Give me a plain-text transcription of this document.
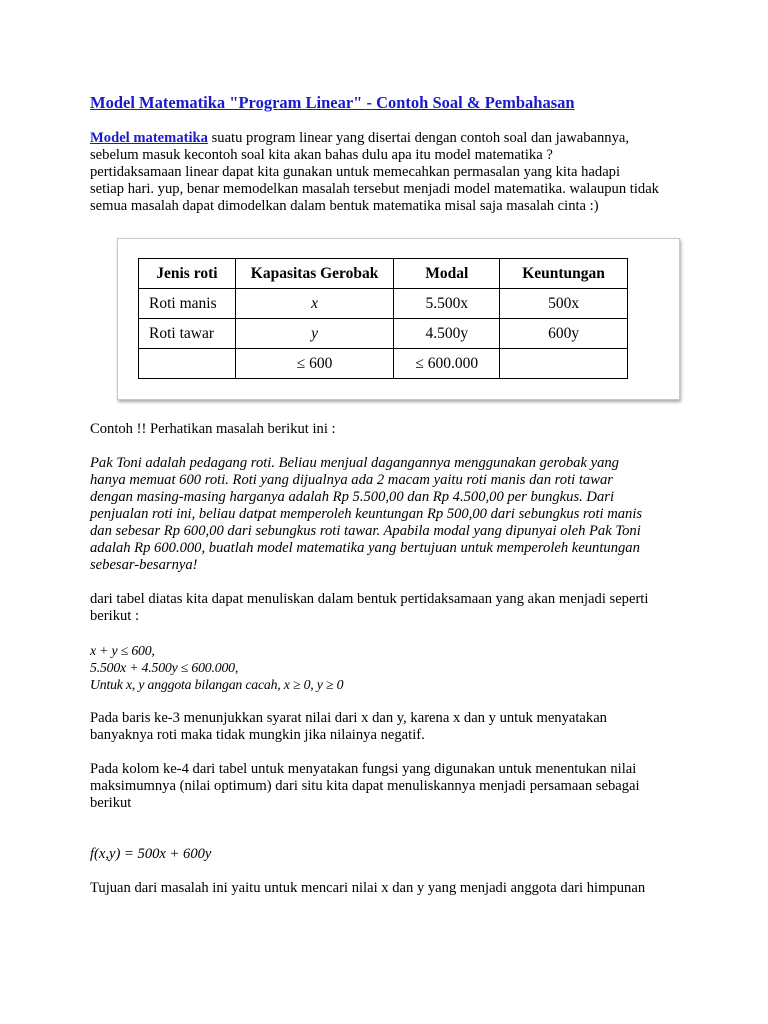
Model Matematika "Program Linear" - Contoh Soal & Pembahasan
Model matematika suatu program linear yang disertai dengan contoh soal dan jawabannya,
sebelum masuk kecontoh soal kita akan bahas dulu apa itu model matematika ?
pertidaksamaan linear dapat kita gunakan untuk memecahkan permasalan yang kita hadapi
setiap hari. yup, benar memodelkan masalah tersebut menjadi model matematika. walaupun tidak
semua masalah dapat dimodelkan dalam bentuk matematika misal saja masalah cinta :)
Jenis roti	Kapasitas Gerobak	Modal	Keuntungan
Roti manis	x	5.500x	500x
Roti tawar	y	4.500y	600y
	≤ 600	≤ 600.000	
Contoh !! Perhatikan masalah berikut ini :
Pak Toni adalah pedagang roti. Beliau menjual dagangannya menggunakan gerobak yang
hanya memuat 600 roti. Roti yang dijualnya ada 2 macam yaitu roti manis dan roti tawar
dengan masing-masing harganya adalah Rp 5.500,00 dan Rp 4.500,00 per bungkus. Dari
penjualan roti ini, beliau datpat memperoleh keuntungan Rp 500,00 dari sebungkus roti manis
dan sebesar Rp 600,00 dari sebungkus roti tawar. Apabila modal yang dipunyai oleh Pak Toni
adalah Rp 600.000, buatlah model matematika yang bertujuan untuk memperoleh keuntungan
sebesar-besarnya!
dari tabel diatas kita dapat menuliskan dalam bentuk pertidaksamaan yang akan menjadi seperti
berikut :
x + y ≤ 600,
5.500x + 4.500y ≤ 600.000,
Untuk x, y anggota bilangan cacah, x ≥ 0, y ≥ 0
Pada baris ke-3 menunjukkan syarat nilai dari x dan y, karena x dan y untuk menyatakan
banyaknya roti maka tidak mungkin jika nilainya negatif.
Pada kolom ke-4 dari tabel untuk menyatakan fungsi yang digunakan untuk menentukan nilai
maksimumnya (nilai optimum) dari situ kita dapat menuliskannya menjadi persamaan sebagai
berikut
f(x,y) = 500x + 600y
Tujuan dari masalah ini yaitu untuk mencari nilai x dan y yang menjadi anggota dari himpunan
